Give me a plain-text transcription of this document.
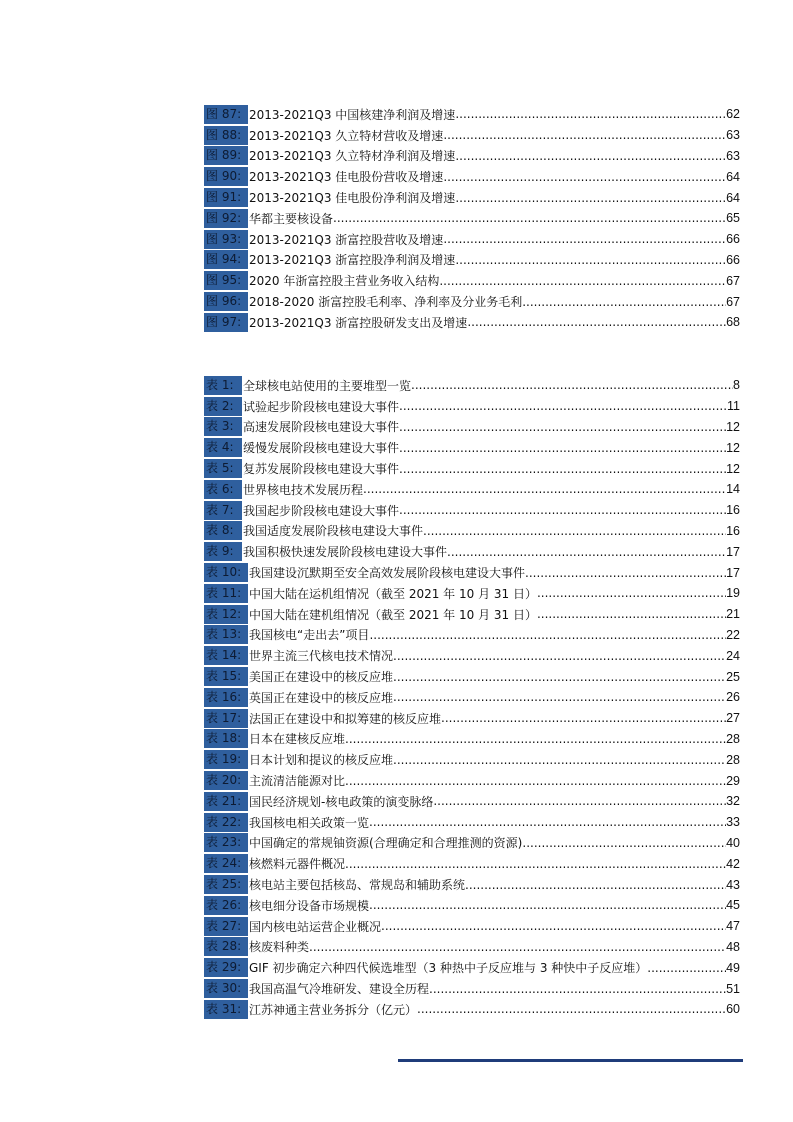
图 87: 2013-2021Q3 中国核建净利润及增速 .....	62
图 88: 2013-2021Q3 久立特材营收及增速 .....	63
图 89: 2013-2021Q3 久立特材净利润及增速 .....	63
图 90: 2013-2021Q3 佳电股份营收及增速 .....	64
图 91: 2013-2021Q3 佳电股份净利润及增速 .....	64
图 92: 华都主要核设备 .....	65
图 93: 2013-2021Q3 浙富控股营收及增速 .....	66
图 94: 2013-2021Q3 浙富控股净利润及增速 .....	66
图 95: 2020 年浙富控股主营业务收入结构 .....	67
图 96: 2018-2020 浙富控股毛利率、净利率及分业务毛利 .....	67
图 97: 2013-2021Q3 浙富控股研发支出及增速 .....	68
表 1: 全球核电站使用的主要堆型一览 .....	8
表 2: 试验起步阶段核电建设大事件 .....	11
表 3: 高速发展阶段核电建设大事件 .....	12
表 4: 缓慢发展阶段核电建设大事件 .....	12
表 5: 复苏发展阶段核电建设大事件 .....	12
表 6: 世界核电技术发展历程 .....	14
表 7: 我国起步阶段核电建设大事件 .....	16
表 8: 我国适度发展阶段核电建设大事件 .....	16
表 9: 我国积极快速发展阶段核电建设大事件 .....	17
表 10: 我国建设沉默期至安全高效发展阶段核电建设大事件 .....	17
表 11: 中国大陆在运机组情况（截至 2021 年 10 月 31 日） .....	19
表 12: 中国大陆在建机组情况（截至 2021 年 10 月 31 日） .....	21
表 13: 我国核电“走出去”项目 .....	22
表 14: 世界主流三代核电技术情况 .....	24
表 15: 美国正在建设中的核反应堆 .....	25
表 16: 英国正在建设中的核反应堆 .....	26
表 17: 法国正在建设中和拟筹建的核反应堆 .....	27
表 18: 日本在建核反应堆 .....	28
表 19: 日本计划和提议的核反应堆 .....	28
表 20: 主流清洁能源对比 .....	29
表 21: 国民经济规划-核电政策的演变脉络 .....	32
表 22: 我国核电相关政策一览 .....	33
表 23: 中国确定的常规铀资源(合理确定和合理推测的资源) .....	40
表 24: 核燃料元器件概况 .....	42
表 25: 核电站主要包括核岛、常规岛和辅助系统 .....	43
表 26: 核电细分设备市场规模 .....	45
表 27: 国内核电站运营企业概况 .....	47
表 28: 核废料种类 .....	48
表 29: GIF 初步确定六种四代候选堆型（3 种热中子反应堆与 3 种快中子反应堆） .....	49
表 30: 我国高温气冷堆研发、建设全历程 .....	51
表 31: 江苏神通主营业务拆分（亿元） .....	60
